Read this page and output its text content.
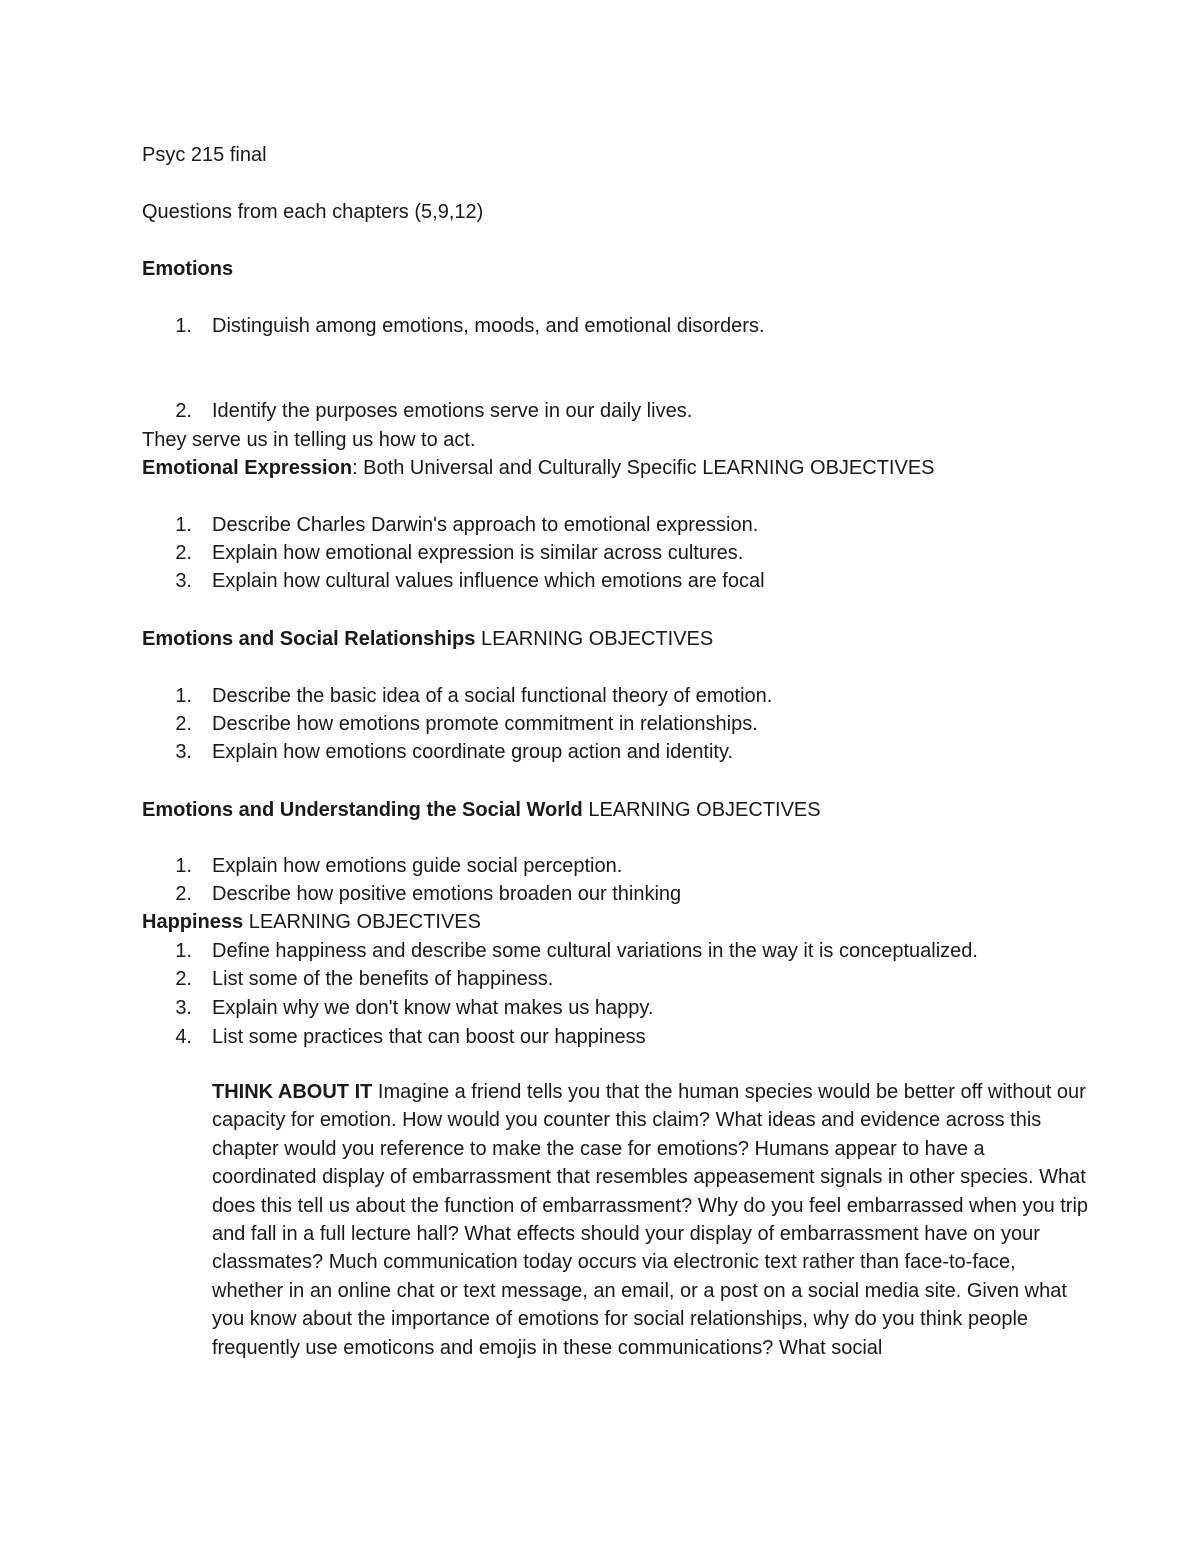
Psyc 215 final
Questions from each chapters (5,9,12)
Emotions
1. Distinguish among emotions, moods, and emotional disorders.
2. Identify the purposes emotions serve in our daily lives.
They serve us in telling us how to act.
Emotional Expression: Both Universal and Culturally Specific LEARNING OBJECTIVES
1. Describe Charles Darwin's approach to emotional expression.
2. Explain how emotional expression is similar across cultures.
3. Explain how cultural values influence which emotions are focal
Emotions and Social Relationships LEARNING OBJECTIVES
1. Describe the basic idea of a social functional theory of emotion.
2. Describe how emotions promote commitment in relationships.
3. Explain how emotions coordinate group action and identity.
Emotions and Understanding the Social World LEARNING OBJECTIVES
1. Explain how emotions guide social perception.
2. Describe how positive emotions broaden our thinking
Happiness LEARNING OBJECTIVES
1. Define happiness and describe some cultural variations in the way it is conceptualized.
2. List some of the benefits of happiness.
3. Explain why we don't know what makes us happy.
4. List some practices that can boost our happiness
THINK ABOUT IT Imagine a friend tells you that the human species would be better off without our capacity for emotion. How would you counter this claim? What ideas and evidence across this chapter would you reference to make the case for emotions? Humans appear to have a coordinated display of embarrassment that resembles appeasement signals in other species. What does this tell us about the function of embarrassment? Why do you feel embarrassed when you trip and fall in a full lecture hall? What effects should your display of embarrassment have on your classmates? Much communication today occurs via electronic text rather than face-to-face, whether in an online chat or text message, an email, or a post on a social media site. Given what you know about the importance of emotions for social relationships, why do you think people frequently use emoticons and emojis in these communications? What social
